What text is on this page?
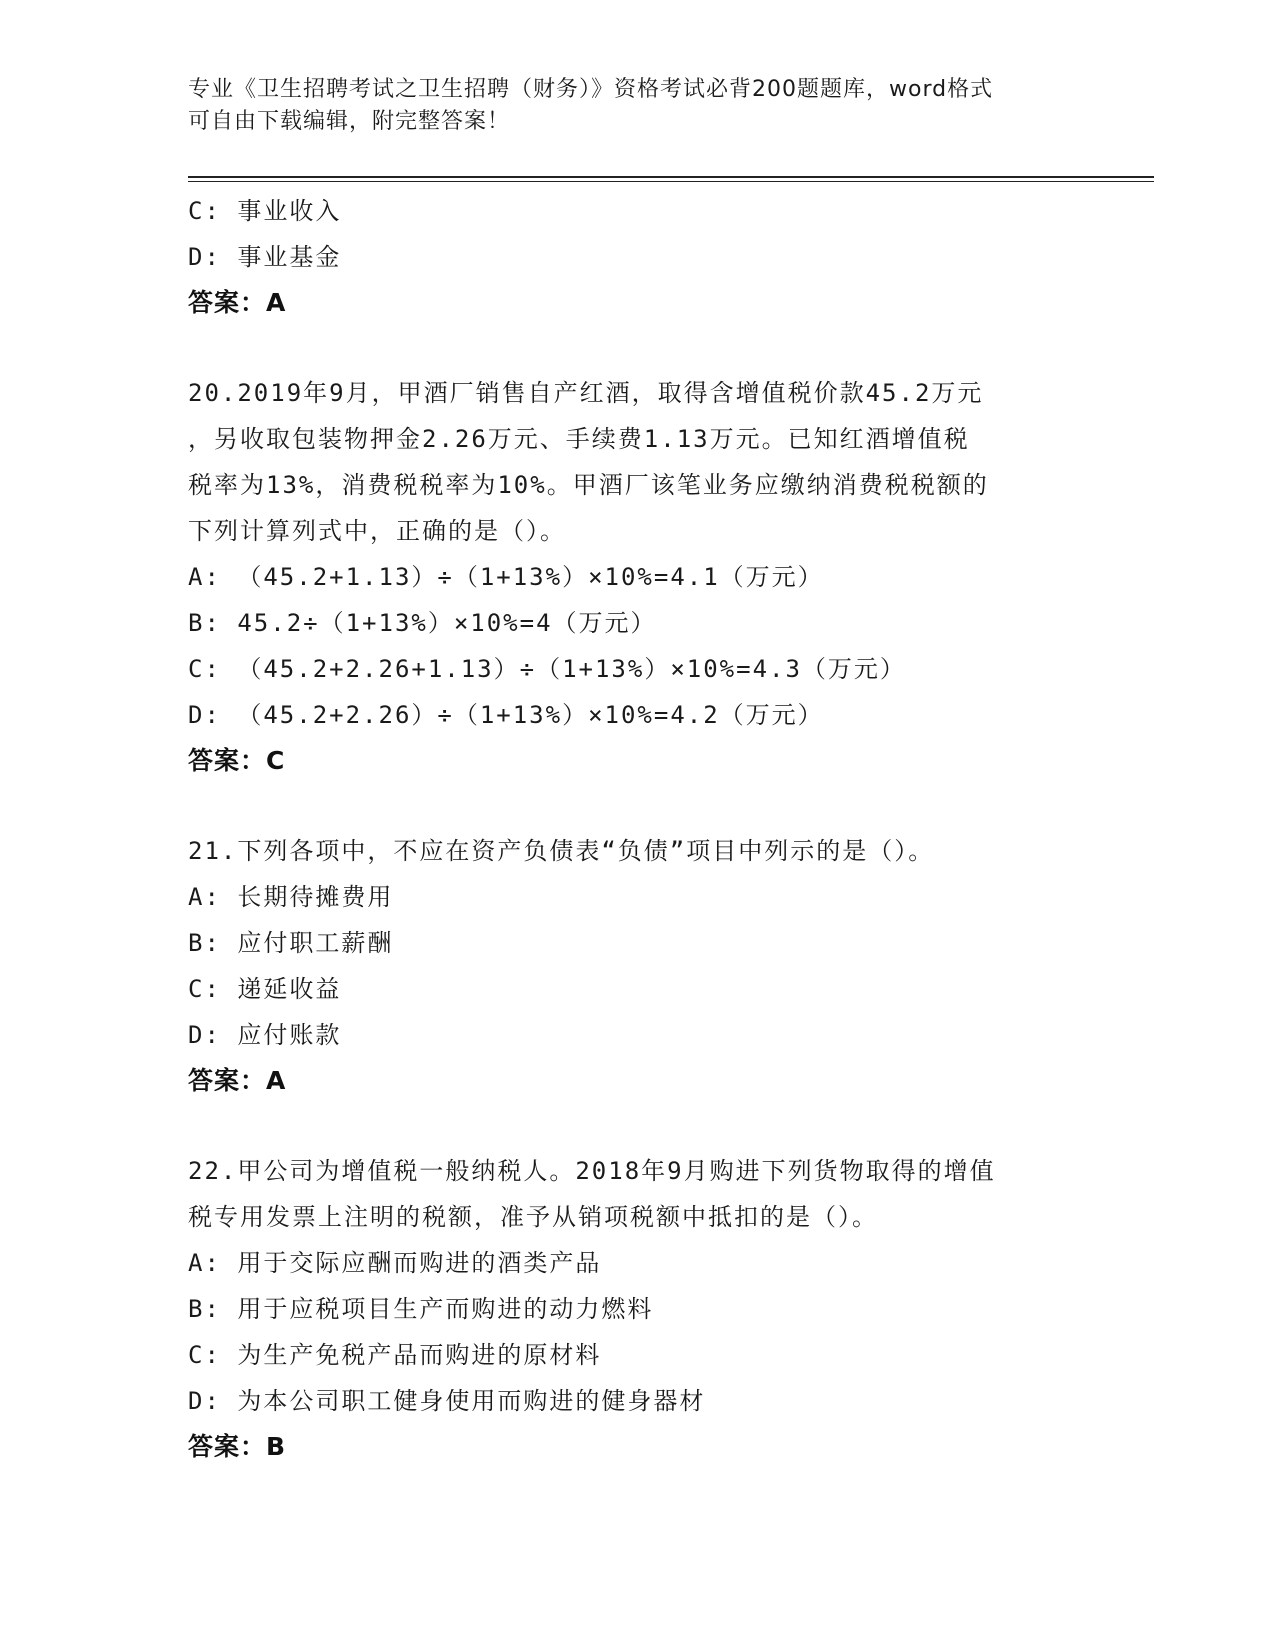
专业《卫生招聘考试之卫生招聘（财务）》资格考试必背200题题库，word格式
可自由下载编辑，附完整答案！
C: 事业收入
D: 事业基金
答案：A
20.2019年9月，甲酒厂销售自产红酒，取得含增值税价款45.2万元
，另收取包装物押金2.26万元、手续费1.13万元。已知红酒增值税
税率为13%，消费税税率为10%。甲酒厂该笔业务应缴纳消费税税额的
下列计算列式中，正确的是（）。
A: （45.2+1.13）÷（1+13%）×10%=4.1（万元）
B: 45.2÷（1+13%）×10%=4（万元）
C: （45.2+2.26+1.13）÷（1+13%）×10%=4.3（万元）
D: （45.2+2.26）÷（1+13%）×10%=4.2（万元）
答案：C
21.下列各项中，不应在资产负债表“负债”项目中列示的是（）。
A: 长期待摊费用
B: 应付职工薪酬
C: 递延收益
D: 应付账款
答案：A
22.甲公司为增值税一般纳税人。2018年9月购进下列货物取得的增值
税专用发票上注明的税额，准予从销项税额中抵扣的是（）。
A: 用于交际应酬而购进的酒类产品
B: 用于应税项目生产而购进的动力燃料
C: 为生产免税产品而购进的原材料
D: 为本公司职工健身使用而购进的健身器材
答案：B
